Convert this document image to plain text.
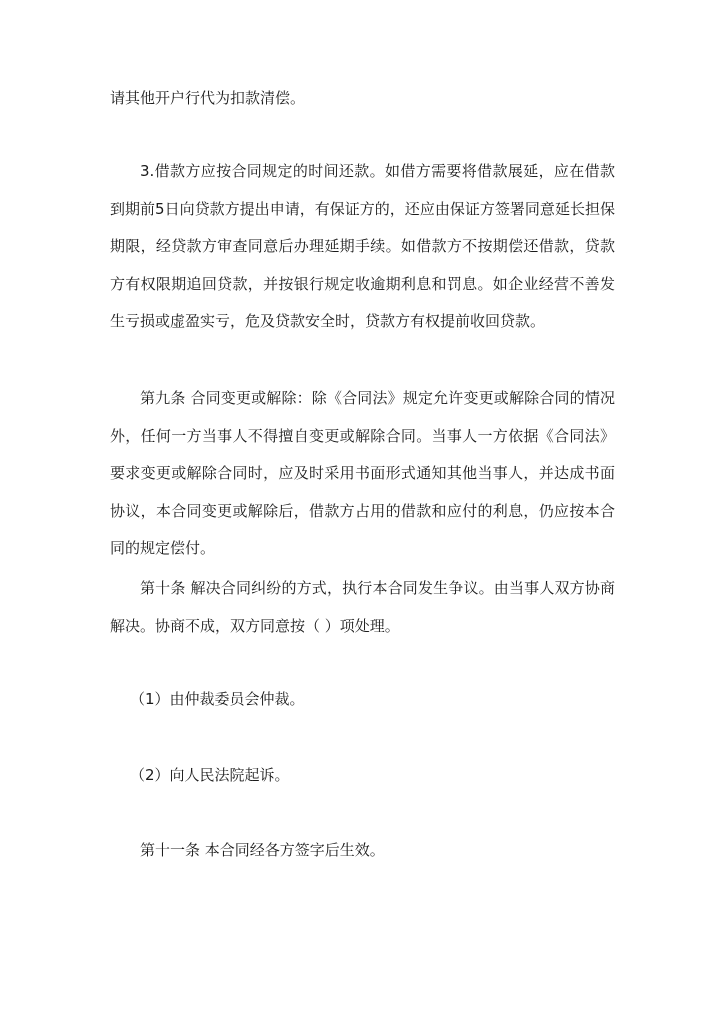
请其他开户行代为扣款清偿。

3.借款方应按合同规定的时间还款。如借方需要将借款展延，应在借款到期前5日向贷款方提出申请，有保证方的，还应由保证方签署同意延长担保期限，经贷款方审查同意后办理延期手续。如借款方不按期偿还借款，贷款方有权限期追回贷款，并按银行规定收逾期利息和罚息。如企业经营不善发生亏损或虚盈实亏，危及贷款安全时，贷款方有权提前收回贷款。

第九条 合同变更或解除：除《合同法》规定允许变更或解除合同的情况外，任何一方当事人不得擅自变更或解除合同。当事人一方依据《合同法》要求变更或解除合同时，应及时采用书面形式通知其他当事人，并达成书面协议，本合同变更或解除后，借款方占用的借款和应付的利息，仍应按本合同的规定偿付。

第十条 解决合同纠纷的方式，执行本合同发生争议。由当事人双方协商解决。协商不成，双方同意按（ ）项处理。

（1）由仲裁委员会仲裁。

（2）向人民法院起诉。

第十一条 本合同经各方签字后生效。
